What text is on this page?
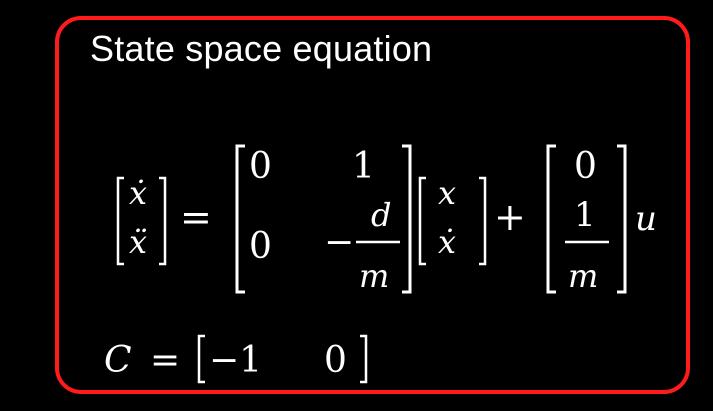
State space equation
ẋ
ẍ
=
0 1
0 −
d
m
x
ẋ
+
0
1
m
u
C = −1 0
